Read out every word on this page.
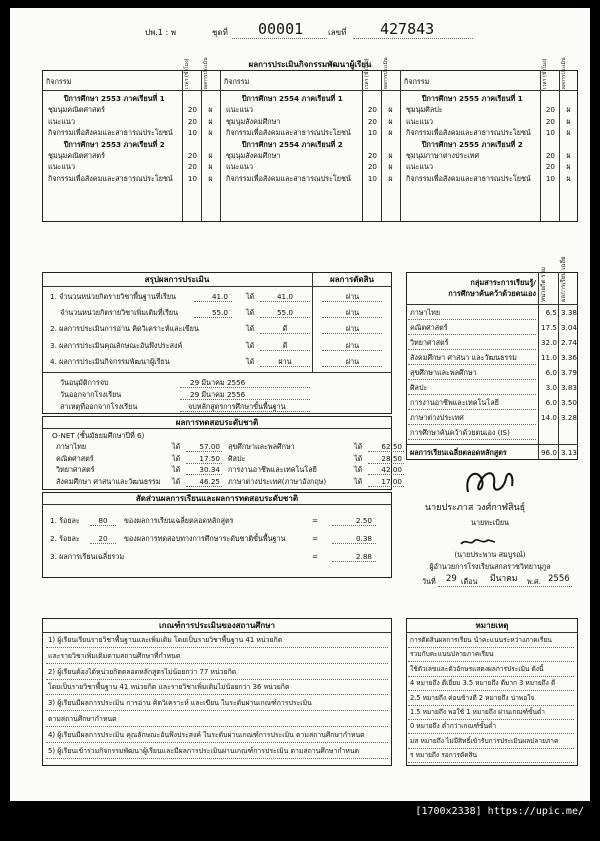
ปพ.1 : พ	ชุดที่ 00001	เลขที่ 427843
ผลการประเมินกิจกรรมพัฒนาผู้เรียน
กิจกรรม	เวลา (ชั่วโมง)	ผลการประเมิน
ปีการศึกษา 2553 ภาคเรียนที่ 1
ชุมนุมคณิตศาสตร์	20	ผ
แนะแนว	20	ผ
กิจกรรมเพื่อสังคมและสาธารณประโยชน์	10	ผ
ปีการศึกษา 2553 ภาคเรียนที่ 2
ชุมนุมคณิตศาสตร์	20	ผ
แนะแนว	20	ผ
กิจกรรมเพื่อสังคมและสาธารณประโยชน์	10	ผ
กิจกรรม	เวลา (ชั่วโมง)	ผลการประเมิน
ปีการศึกษา 2554 ภาคเรียนที่ 1
แนะแนว	20	ผ
ชุมนุมสังคมศึกษา	20	ผ
กิจกรรมเพื่อสังคมและสาธารณประโยชน์	10	ผ
ปีการศึกษา 2554 ภาคเรียนที่ 2
ชุมนุมสังคมศึกษา	20	ผ
แนะแนว	20	ผ
กิจกรรมเพื่อสังคมและสาธารณประโยชน์	10	ผ
กิจกรรม	เวลา (ชั่วโมง)	ผลการประเมิน
ปีการศึกษา 2555 ภาคเรียนที่ 1
ชุมนุมศิลปะ	20	ผ
แนะแนว	20	ผ
กิจกรรมเพื่อสังคมและสาธารณประโยชน์	10	ผ
ปีการศึกษา 2555 ภาคเรียนที่ 2
ชุมนุมภาษาต่างประเทศ	20	ผ
แนะแนว	20	ผ
กิจกรรมเพื่อสังคมและสาธารณประโยชน์	10	ผ
สรุปผลการประเมิน	ผลการตัดสิน
1. จำนวนหน่วยกิตรายวิชาพื้นฐานที่เรียน	41.0	ได้	41.0	ผ่าน
จำนวนหน่วยกิตรายวิชาเพิ่มเติมที่เรียน	55.0	ได้	55.0	ผ่าน
2. ผลการประเมินการอ่าน คิดวิเคราะห์และเขียน	ได้	ดี	ผ่าน
3. ผลการประเมินคุณลักษณะอันพึงประสงค์	ได้	ดี	ผ่าน
4. ผลการประเมินกิจกรรมพัฒนาผู้เรียน	ได้	ผ่าน	ผ่าน
วันอนุมัติการจบ	29 มีนาคม 2556
วันออกจากโรงเรียน	29 มีนาคม 2556
สาเหตุที่ออกจากโรงเรียน	จบหลักสูตรการศึกษาขั้นพื้นฐาน
ผลการทดสอบระดับชาติ
O-NET (ชั้นมัธยมศึกษาปีที่ 6)
ภาษาไทย	ได้	57.00
คณิตศาสตร์	ได้	17.50
วิทยาศาสตร์	ได้	30.34
สังคมศึกษา ศาสนาและวัฒนธรรม ได้	46.25
สุขศึกษาและพลศึกษา	ได้	62.50
ศิลปะ	ได้	28.50
การงานอาชีพและเทคโนโลยี	ได้	42.00
ภาษาต่างประเทศ(ภาษาอังกฤษ)	ได้	17.00
สัดส่วนผลการเรียนและผลการทดสอบระดับชาติ
1. ร้อยละ	80	ของผลการเรียนเฉลี่ยตลอดหลักสูตร	=	2.50
2. ร้อยละ	20	ของผลการทดสอบทางการศึกษาระดับชาติขั้นพื้นฐาน	=	0.38
3. ผลการเรียนเฉลี่ยรวม	=	2.88
กลุ่มสาระการเรียนรู้/
การศึกษาค้นคว้าด้วยตนเอง หน่วยกิต รวม	ผลการเรียน เฉลี่ย
ภาษาไทย	6.5 3.38
คณิตศาสตร์	17.5 3.04
วิทยาศาสตร์	32.0 2.74
สังคมศึกษา ศาสนา และวัฒนธรรม	11.0 3.36
สุขศึกษาและพลศึกษา	6.0 3.79
ศิลปะ	3.0 3.83
การงานอาชีพและเทคโนโลยี	6.0 3.50
ภาษาต่างประเทศ	14.0 3.28
การศึกษาค้นคว้าด้วยตนเอง (IS)
ผลการเรียนเฉลี่ยตลอดหลักสูตร	96.0 3.13
นายประภาส วงศ์กาฬสินธุ์
นายทะเบียน
(นายประพาน สมบูรณ์)
ผู้อำนวยการโรงเรียนสกลราชวิทยานุกูล
วันที่ 29 เดือน มีนาคม พ.ศ. 2556
เกณฑ์การประเมินของสถานศึกษา
1) ผู้เรียนเรียนรายวิชาพื้นฐานและเพิ่มเติม โดยเป็นรายวิชาพื้นฐาน 41 หน่วยกิต
และรายวิชาเพิ่มเติมตามสถานศึกษาที่กำหนด
2) ผู้เรียนต้องได้หน่วยกิตตลอดหลักสูตรไม่น้อยกว่า 77 หน่วยกิต
โดยเป็นรายวิชาพื้นฐาน 41 หน่วยกิต และรายวิชาเพิ่มเติมไม่น้อยกว่า 36 หน่วยกิต
3) ผู้เรียนมีผลการประเมิน การอ่าน คิดวิเคราะห์ และเขียน ในระดับผ่านเกณฑ์การประเมิน
ตามสถานศึกษากำหนด
4) ผู้เรียนมีผลการประเมิน คุณลักษณะอันพึงประสงค์ ในระดับผ่านเกณฑ์การประเมิน ตามสถานศึกษากำหนด
5) ผู้เรียนเข้าร่วมกิจกรรมพัฒนาผู้เรียนและมีผลการประเมินผ่านเกณฑ์การประเมิน ตามสถานศึกษากำหนด
หมายเหตุ
การตัดสินผลการเรียน นำคะแนนระหว่างภาคเรียน
รวมกับคะแนนปลายภาคเรียน
ใช้ตัวเลขและตัวอักษรแสดงผลการประเมิน ดังนี้
4 หมายถึง ดีเยี่ยม 3.5 หมายถึง ดีมาก 3 หมายถึง ดี
2.5 หมายถึง ค่อนข้างดี 2 หมายถึง น่าพอใจ
1.5 หมายถึง พอใช้ 1 หมายถึง ผ่านเกณฑ์ขั้นต่ำ
0 หมายถึง ต่ำกว่าเกณฑ์ขั้นต่ำ
มส หมายถึง ไม่มีสิทธิ์เข้ารับการประเมินผลปลายภาค
ร หมายถึง รอการตัดสิน
[1700x2338] https://upic.me/
